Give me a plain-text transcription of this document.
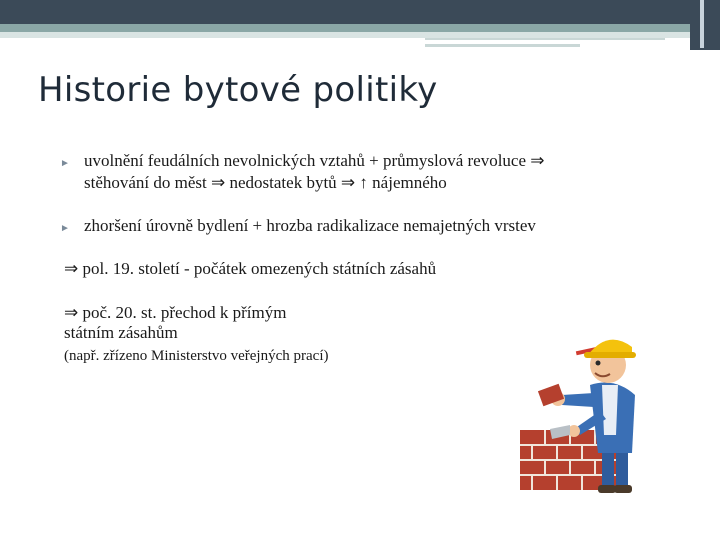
Historie bytové politiky
► uvolnění feudálních nevolnických vztahů + průmyslová revoluce ⇒
stěhování do měst ⇒ nedostatek bytů ⇒ ↑ nájemného
► zhoršení úrovně bydlení + hrozba radikalizace nemajetných vrstev
⇒ pol. 19. století - počátek omezených státních zásahů
⇒ poč. 20. st. přechod k přímým
státním zásahům
(např. zřízeno Ministerstvo veřejných prací)
